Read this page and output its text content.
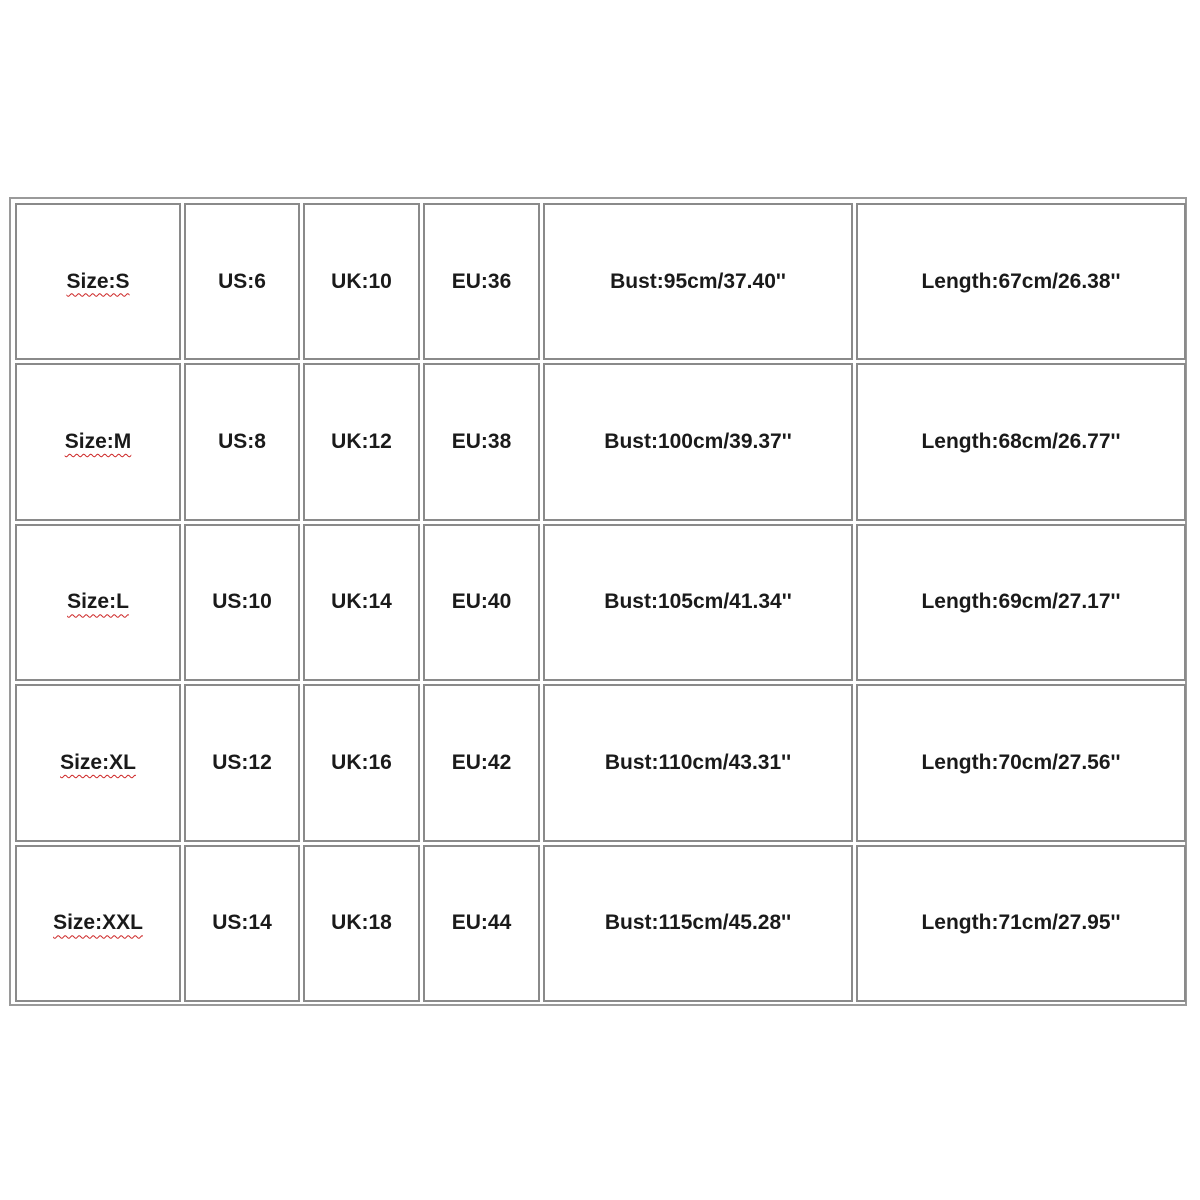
Size:S	US:6	UK:10	EU:36	Bust:95cm/37.40''	Length:67cm/26.38''
Size:M	US:8	UK:12	EU:38	Bust:100cm/39.37''	Length:68cm/26.77''
Size:L	US:10	UK:14	EU:40	Bust:105cm/41.34''	Length:69cm/27.17''
Size:XL	US:12	UK:16	EU:42	Bust:110cm/43.31''	Length:70cm/27.56''
Size:XXL	US:14	UK:18	EU:44	Bust:115cm/45.28''	Length:71cm/27.95''
